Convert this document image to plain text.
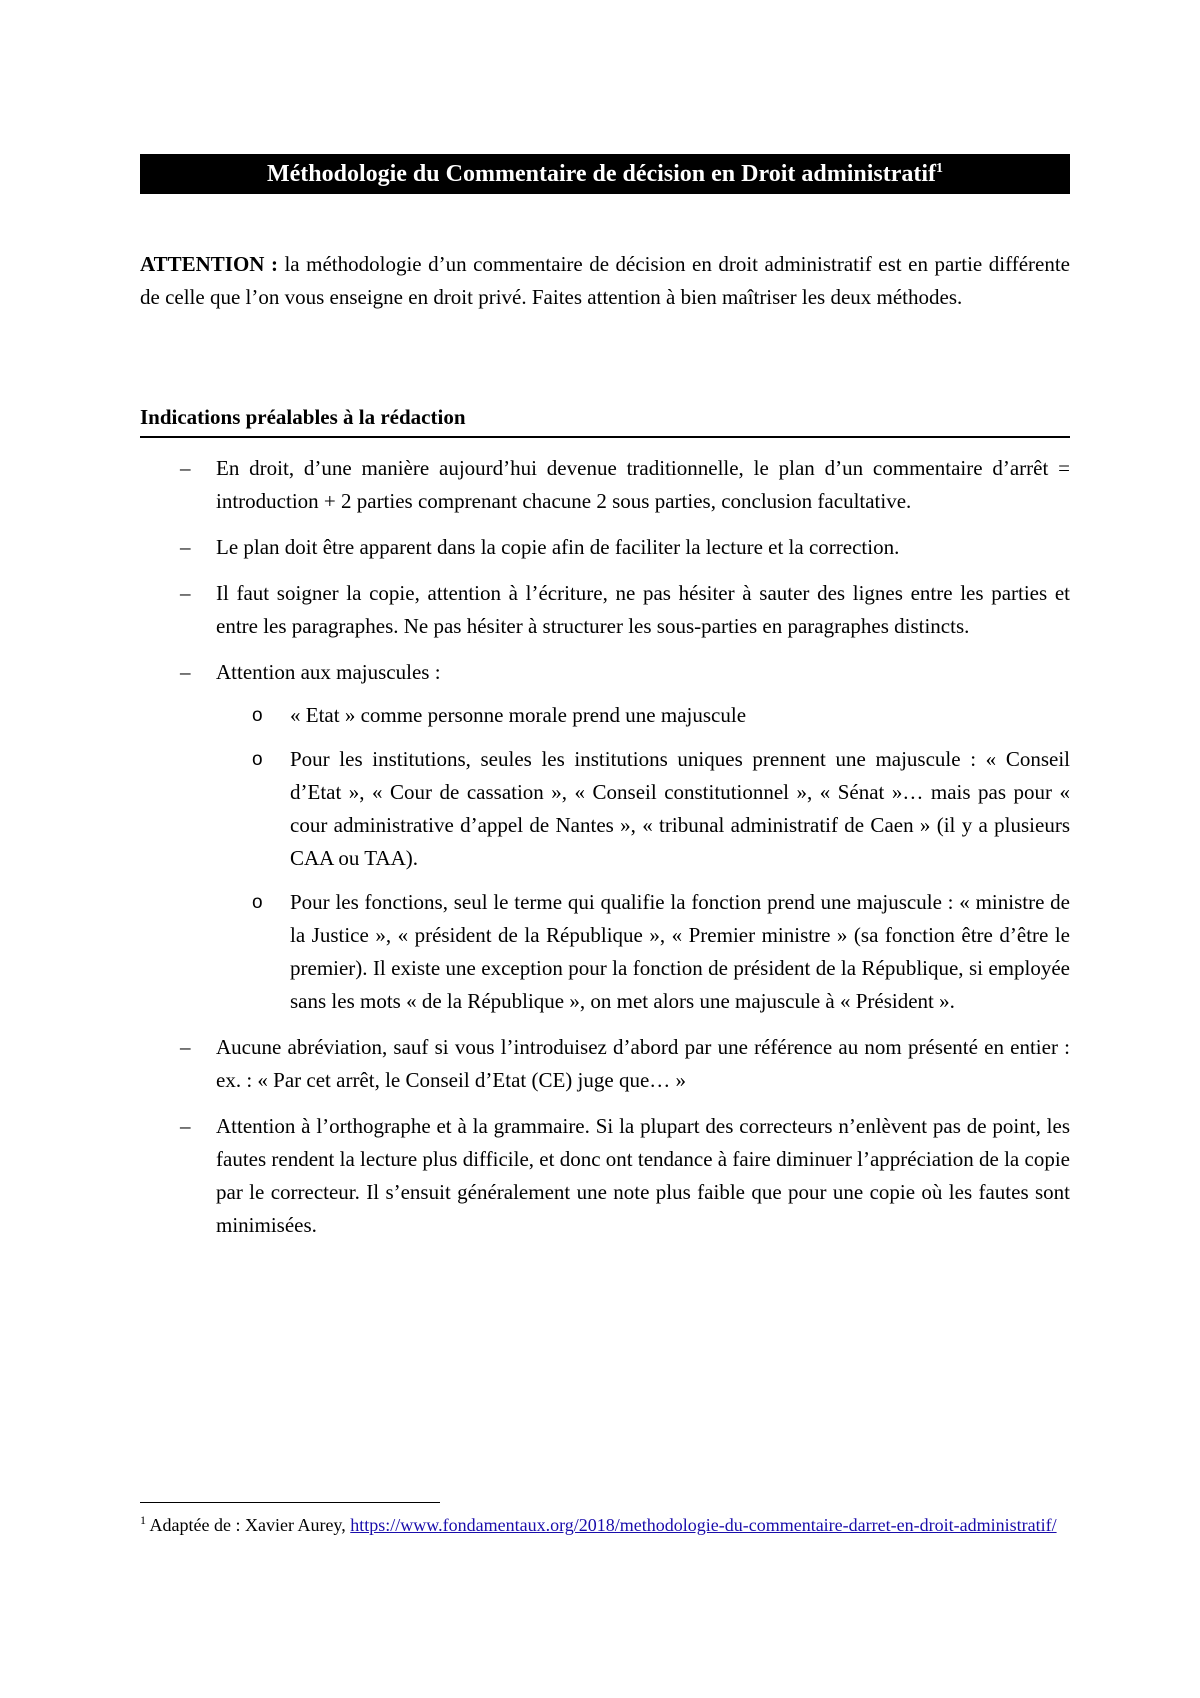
Méthodologie du Commentaire de décision en Droit administratif$^1$

ATTENTION : la méthodologie d’un commentaire de décision en droit administratif est en partie différente de celle que l’on vous enseigne en droit privé. Faites attention à bien maîtriser les deux méthodes.

Indications préalables à la rédaction
– En droit, d’une manière aujourd’hui devenue traditionnelle, le plan d’un commentaire d’arrêt = introduction + 2 parties comprenant chacune 2 sous parties, conclusion facultative.
– Le plan doit être apparent dans la copie afin de faciliter la lecture et la correction.
– Il faut soigner la copie, attention à l’écriture, ne pas hésiter à sauter des lignes entre les parties et entre les paragraphes. Ne pas hésiter à structurer les sous-parties en paragraphes distincts.
– Attention aux majuscules :
o « Etat » comme personne morale prend une majuscule
o Pour les institutions, seules les institutions uniques prennent une majuscule : « Conseil d’Etat », « Cour de cassation », « Conseil constitutionnel », « Sénat »… mais pas pour « cour administrative d’appel de Nantes », « tribunal administratif de Caen » (il y a plusieurs CAA ou TAA).
o Pour les fonctions, seul le terme qui qualifie la fonction prend une majuscule : « ministre de la Justice », « président de la République », « Premier ministre » (sa fonction être d’être le premier). Il existe une exception pour la fonction de président de la République, si employée sans les mots « de la République », on met alors une majuscule à « Président ».
– Aucune abréviation, sauf si vous l’introduisez d’abord par une référence au nom présenté en entier : ex. : « Par cet arrêt, le Conseil d’Etat (CE) juge que… »
– Attention à l’orthographe et à la grammaire. Si la plupart des correcteurs n’enlèvent pas de point, les fautes rendent la lecture plus difficile, et donc ont tendance à faire diminuer l’appréciation de la copie par le correcteur. Il s’ensuit généralement une note plus faible que pour une copie où les fautes sont minimisées.

$^1$ Adaptée de : Xavier Aurey, https://www.fondamentaux.org/2018/methodologie-du-commentaire-darret-en-droit-administratif/
